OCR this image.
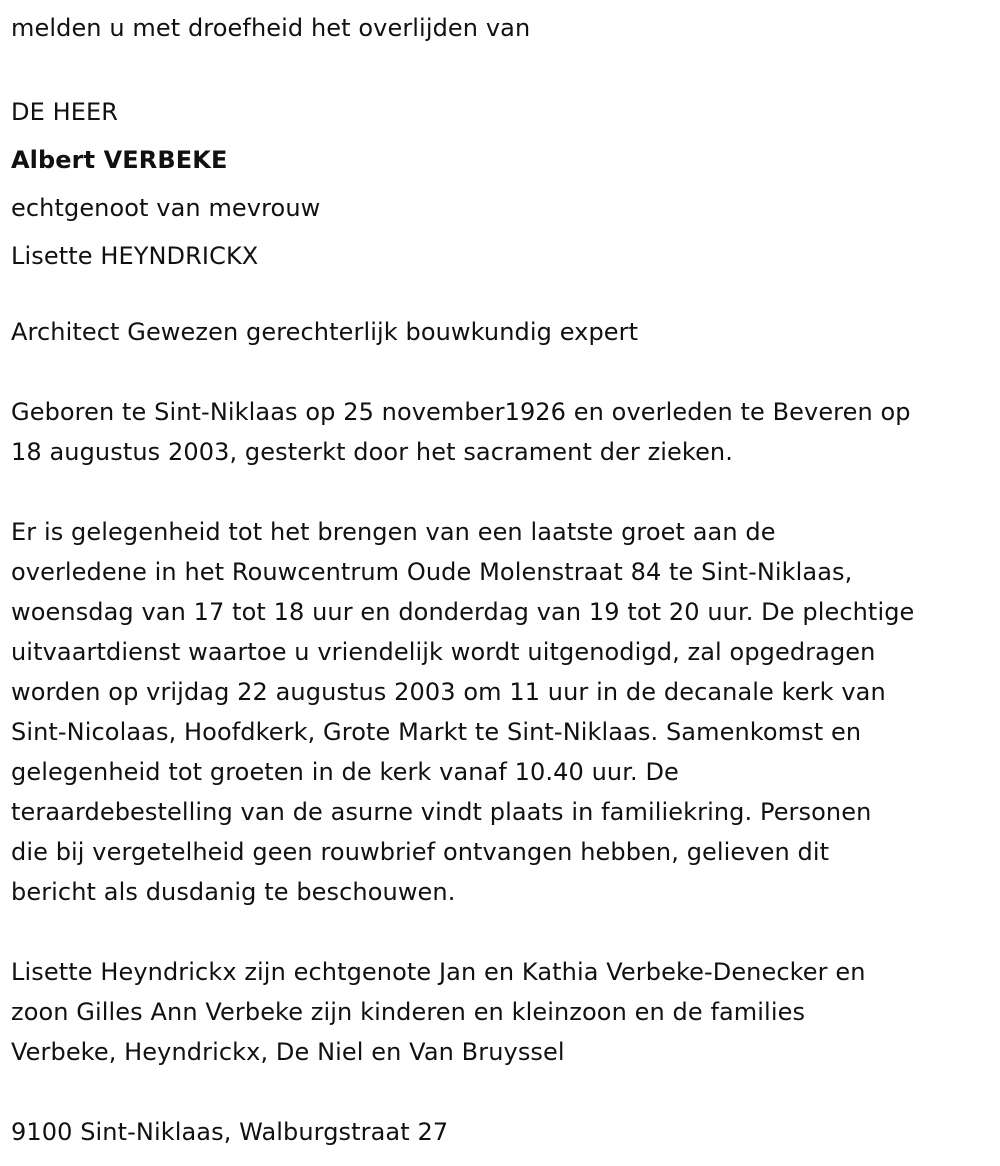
melden u met droefheid het overlijden van
DE HEER
Albert VERBEKE
echtgenoot van mevrouw
Lisette HEYNDRICKX
Architect Gewezen gerechterlijk bouwkundig expert
Geboren te Sint-Niklaas op 25 november1926 en overleden te Beveren op
18 augustus 2003, gesterkt door het sacrament der zieken.
Er is gelegenheid tot het brengen van een laatste groet aan de
overledene in het Rouwcentrum Oude Molenstraat 84 te Sint-Niklaas,
woensdag van 17 tot 18 uur en donderdag van 19 tot 20 uur. De plechtige
uitvaartdienst waartoe u vriendelijk wordt uitgenodigd, zal opgedragen
worden op vrijdag 22 augustus 2003 om 11 uur in de decanale kerk van
Sint-Nicolaas, Hoofdkerk, Grote Markt te Sint-Niklaas. Samenkomst en
gelegenheid tot groeten in de kerk vanaf 10.40 uur. De
teraardebestelling van de asurne vindt plaats in familiekring. Personen
die bij vergetelheid geen rouwbrief ontvangen hebben, gelieven dit
bericht als dusdanig te beschouwen.
Lisette Heyndrickx zijn echtgenote Jan en Kathia Verbeke-Denecker en
zoon Gilles Ann Verbeke zijn kinderen en kleinzoon en de families
Verbeke, Heyndrickx, De Niel en Van Bruyssel
9100 Sint-Niklaas, Walburgstraat 27
